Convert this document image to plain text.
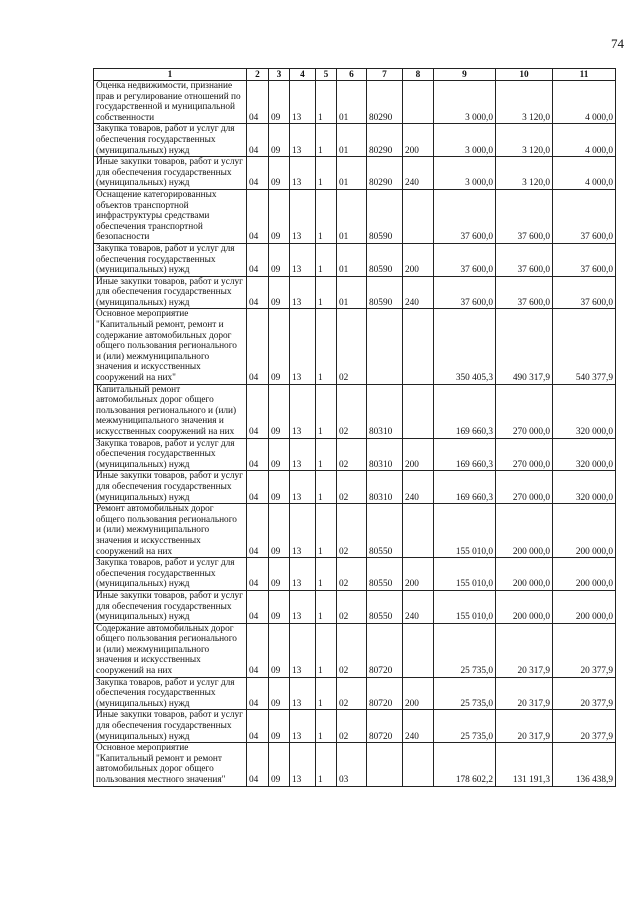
74
1	2	3	4	5	6	7	8	9	10	11
Оценка недвижимости, признание прав и регулирование отношений по государственной и муниципальной собственности	04	09	13	1	01	80290		3 000,0	3 120,0	4 000,0
Закупка товаров, работ и услуг для обеспечения государственных (муниципальных) нужд	04	09	13	1	01	80290	200	3 000,0	3 120,0	4 000,0
Иные закупки товаров, работ и услуг для обеспечения государственных (муниципальных) нужд	04	09	13	1	01	80290	240	3 000,0	3 120,0	4 000,0
Оснащение категорированных объектов транспортной инфраструктуры средствами обеспечения транспортной безопасности	04	09	13	1	01	80590		37 600,0	37 600,0	37 600,0
Закупка товаров, работ и услуг для обеспечения государственных (муниципальных) нужд	04	09	13	1	01	80590	200	37 600,0	37 600,0	37 600,0
Иные закупки товаров, работ и услуг для обеспечения государственных (муниципальных) нужд	04	09	13	1	01	80590	240	37 600,0	37 600,0	37 600,0
Основное мероприятие "Капитальный ремонт, ремонт и содержание автомобильных дорог общего пользования регионального и (или) межмуниципального значения и искусственных сооружений на них"	04	09	13	1	02			350 405,3	490 317,9	540 377,9
Капитальный ремонт автомобильных дорог общего пользования регионального и (или) межмуниципального значения и искусственных сооружений на них	04	09	13	1	02	80310		169 660,3	270 000,0	320 000,0
Закупка товаров, работ и услуг для обеспечения государственных (муниципальных) нужд	04	09	13	1	02	80310	200	169 660,3	270 000,0	320 000,0
Иные закупки товаров, работ и услуг для обеспечения государственных (муниципальных) нужд	04	09	13	1	02	80310	240	169 660,3	270 000,0	320 000,0
Ремонт автомобильных дорог общего пользования регионального и (или) межмуниципального значения и искусственных сооружений на них	04	09	13	1	02	80550		155 010,0	200 000,0	200 000,0
Закупка товаров, работ и услуг для обеспечения государственных (муниципальных) нужд	04	09	13	1	02	80550	200	155 010,0	200 000,0	200 000,0
Иные закупки товаров, работ и услуг для обеспечения государственных (муниципальных) нужд	04	09	13	1	02	80550	240	155 010,0	200 000,0	200 000,0
Содержание автомобильных дорог общего пользования регионального и (или) межмуниципального значения и искусственных сооружений на них	04	09	13	1	02	80720		25 735,0	20 317,9	20 377,9
Закупка товаров, работ и услуг для обеспечения государственных (муниципальных) нужд	04	09	13	1	02	80720	200	25 735,0	20 317,9	20 377,9
Иные закупки товаров, работ и услуг для обеспечения государственных (муниципальных) нужд	04	09	13	1	02	80720	240	25 735,0	20 317,9	20 377,9
Основное мероприятие "Капитальный ремонт и ремонт автомобильных дорог общего пользования местного значения"	04	09	13	1	03			178 602,2	131 191,3	136 438,9
